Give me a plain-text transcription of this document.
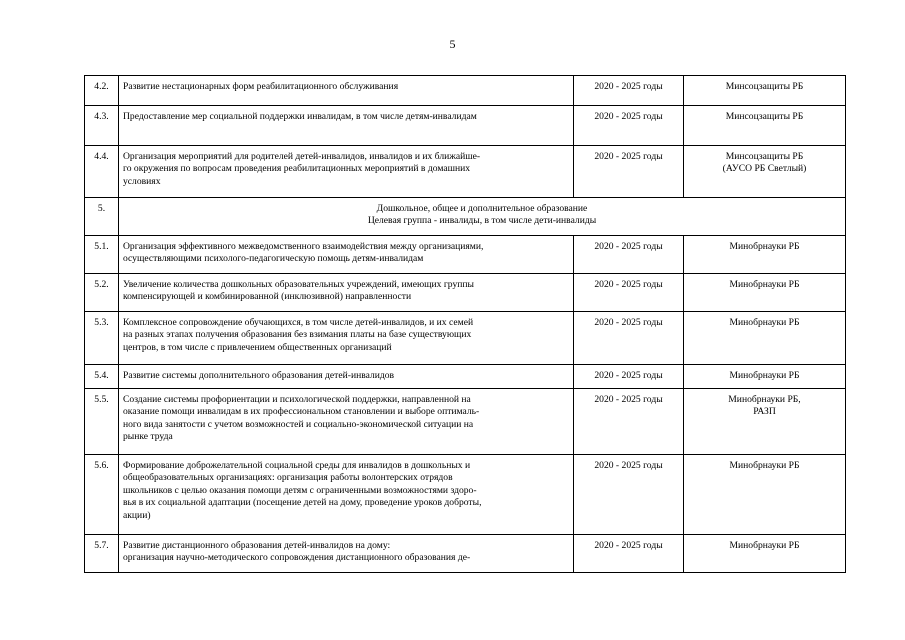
5
4.2.	Развитие нестационарных форм реабилитационного обслуживания	2020 - 2025 годы	Минсоцзащиты РБ

4.3.	Предоставление мер социальной поддержки инвалидам, в том числе детям-инвалидам	2020 - 2025 годы	Минсоцзащиты РБ

4.4.	Организация мероприятий для родителей детей-инвалидов, инвалидов и их ближайше-
го окружения по вопросам проведения реабилитационных мероприятий в домашних
условиях	2020 - 2025 годы	Минсоцзащиты РБ
(АУСО РБ Светлый)

5.	Дошкольное, общее и дополнительное образование
Целевая группа - инвалиды, в том числе дети-инвалиды		

5.1.	Организация эффективного межведомственного взаимодействия между организациями,
осуществляющими психолого-педагогическую помощь детям-инвалидам	2020 - 2025 годы	Минобрнауки РБ

5.2.	Увеличение количества дошкольных образовательных учреждений, имеющих группы
компенсирующей и комбинированной (инклюзивной) направленности	2020 - 2025 годы	Минобрнауки РБ

5.3.	Комплексное сопровождение обучающихся, в том числе детей-инвалидов, и их семей
на разных этапах получения образования без взимания платы на базе существующих
центров, в том числе с привлечением общественных организаций	2020 - 2025 годы	Минобрнауки РБ

5.4.	Развитие системы дополнительного образования детей-инвалидов	2020 - 2025 годы	Минобрнауки РБ

5.5.	Создание системы профориентации и психологической поддержки, направленной на
оказание помощи инвалидам в их профессиональном становлении и выборе оптималь-
ного вида занятости с учетом возможностей и социально-экономической ситуации на
рынке труда	2020 - 2025 годы	Минобрнауки РБ,
РАЗП

5.6.	Формирование доброжелательной социальной среды для инвалидов в дошкольных и
общеобразовательных организациях: организация работы волонтерских отрядов
школьников с целью оказания помощи детям с ограниченными возможностями здоро-
вья в их социальной адаптации (посещение детей на дому, проведение уроков доброты,
акции)	2020 - 2025 годы	Минобрнауки РБ

5.7.	Развитие дистанционного образования детей-инвалидов на дому:
организация научно-методического сопровождения дистанционного образования де-	2020 - 2025 годы	Минобрнауки РБ
